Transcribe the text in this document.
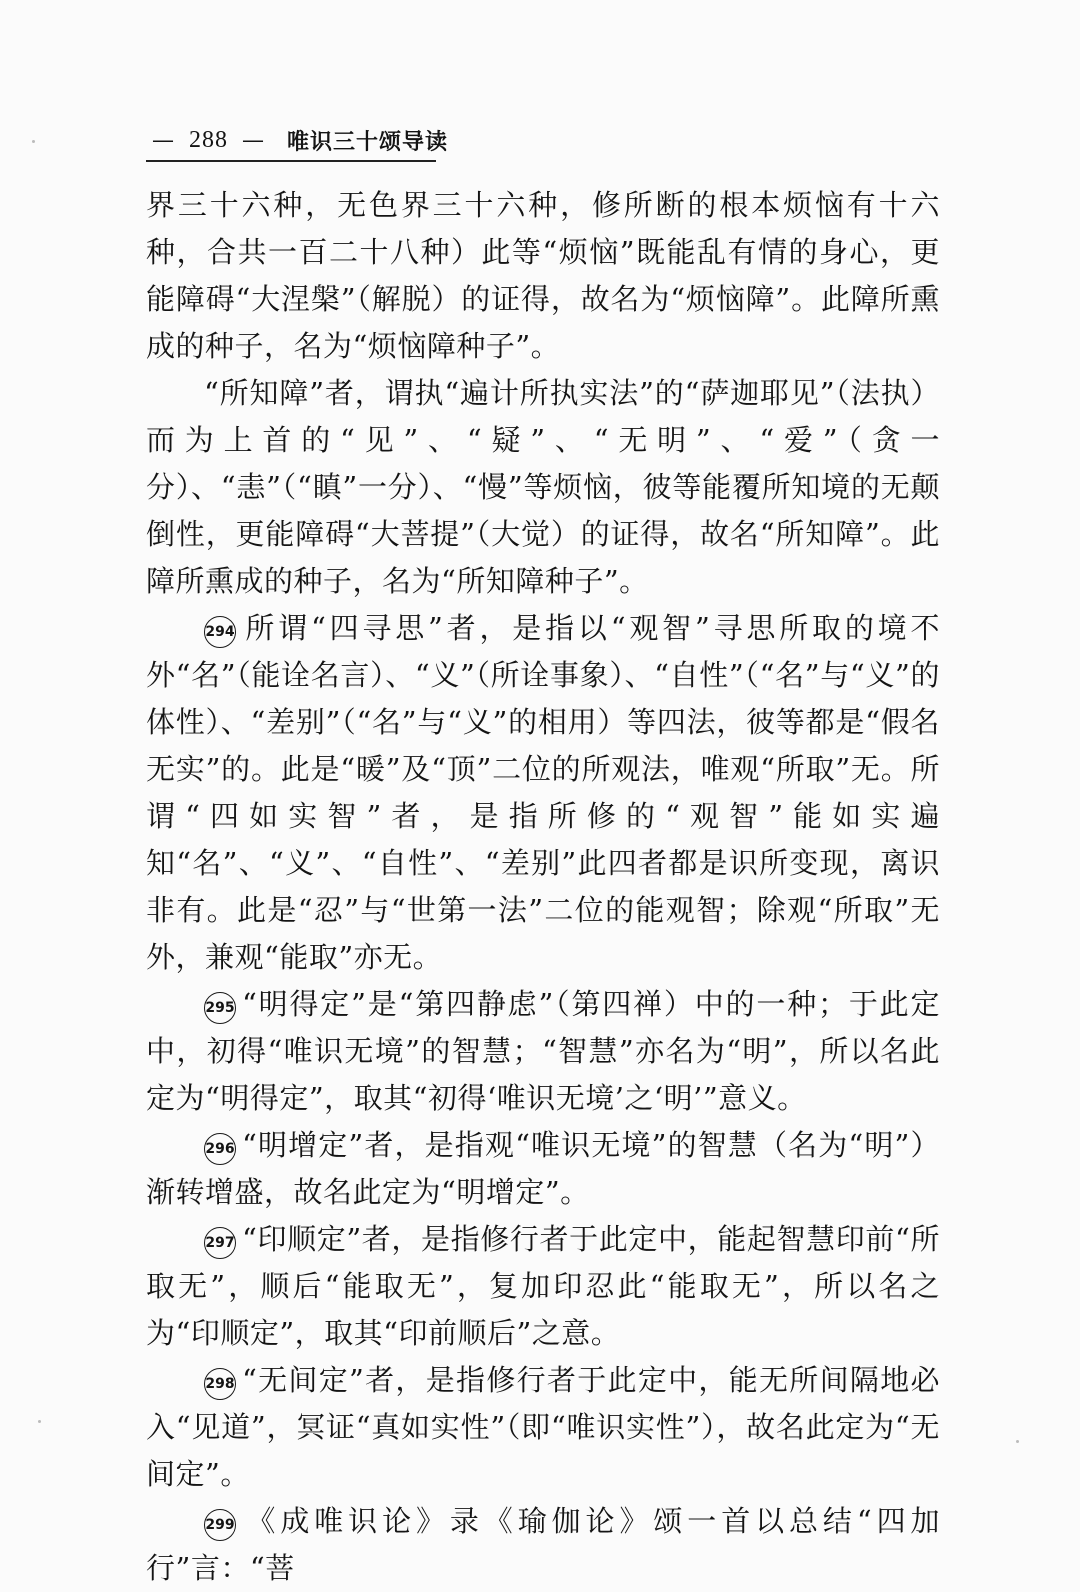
— 288 — 唯识三十颂导读

界三十六种，无色界三十六种，修所断的根本烦恼有十六种，合共一百二十八种）此等“烦恼”既能乱有情的身心，更能障碍“大涅槃”（解脱）的证得，故名为“烦恼障”。此障所熏成的种子，名为“烦恼障种子”。

“所知障”者，谓执“遍计所执实法”的“萨迦耶见”（法执）而为上首的“见”、“疑”、“无明”、“爱”（贪一分）、“恚”（“瞋”一分）、“慢”等烦恼，彼等能覆所知境的无颠倒性，更能障碍“大菩提”（大觉）的证得，故名“所知障”。此障所熏成的种子，名为“所知障种子”。

294 所谓“四寻思”者，是指以“观智”寻思所取的境不外“名”（能诠名言）、“义”（所诠事象）、“自性”（“名”与“义”的体性）、“差别”（“名”与“义”的相用）等四法，彼等都是“假名无实”的。此是“暖”及“顶”二位的所观法，唯观“所取”无。所谓“四如实智”者，是指所修的“观智”能如实遍知“名”、“义”、“自性”、“差别”此四者都是识所变现，离识非有。此是“忍”与“世第一法”二位的能观智；除观“所取”无外，兼观“能取”亦无。

295 “明得定”是“第四静虑”（第四禅）中的一种；于此定中，初得“唯识无境”的智慧；“智慧”亦名为“明”，所以名此定为“明得定”，取其“初得‘唯识无境’之‘明’”意义。

296 “明增定”者，是指观“唯识无境”的智慧（名为“明”）渐转增盛，故名此定为“明增定”。

297 “印顺定”者，是指修行者于此定中，能起智慧印前“所取无”，顺后“能取无”，复加印忍此“能取无”，所以名之为“印顺定”，取其“印前顺后”之意。

298 “无间定”者，是指修行者于此定中，能无所间隔地必入“见道”，冥证“真如实性”（即“唯识实性”），故名此定为“无间定”。

299 《成唯识论》录《瑜伽论》颂一首以总结“四加行”言：“菩
